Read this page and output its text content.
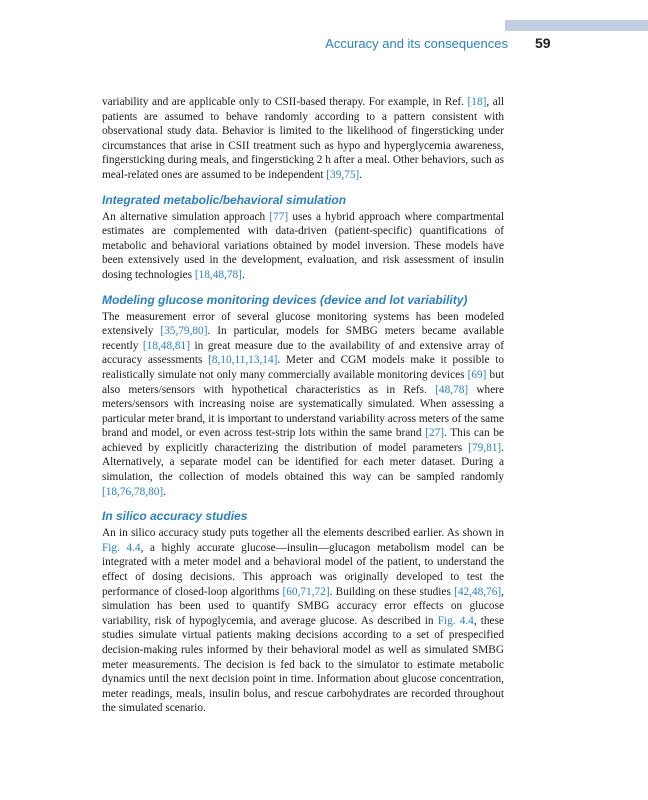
Accuracy and its consequences 59

variability and are applicable only to CSII-based therapy. For example, in Ref. [18], all patients are assumed to behave randomly according to a pattern consistent with observational study data. Behavior is limited to the likelihood of fingersticking under circumstances that arise in CSII treatment such as hypo and hyperglycemia awareness, fingersticking during meals, and fingersticking 2 h after a meal. Other behaviors, such as meal-related ones are assumed to be independent [39,75].

Integrated metabolic/behavioral simulation

An alternative simulation approach [77] uses a hybrid approach where compartmental estimates are complemented with data-driven (patient-specific) quantifications of metabolic and behavioral variations obtained by model inversion. These models have been extensively used in the development, evaluation, and risk assessment of insulin dosing technologies [18,48,78].

Modeling glucose monitoring devices (device and lot variability)

The measurement error of several glucose monitoring systems has been modeled extensively [35,79,80]. In particular, models for SMBG meters became available recently [18,48,81] in great measure due to the availability of and extensive array of accuracy assessments [8,10,11,13,14]. Meter and CGM models make it possible to realistically simulate not only many commercially available monitoring devices [69] but also meters/sensors with hypothetical characteristics as in Refs. [48,78] where meters/sensors with increasing noise are systematically simulated. When assessing a particular meter brand, it is important to understand variability across meters of the same brand and model, or even across test-strip lots within the same brand [27]. This can be achieved by explicitly characterizing the distribution of model parameters [79,81]. Alternatively, a separate model can be identified for each meter dataset. During a simulation, the collection of models obtained this way can be sampled randomly [18,76,78,80].

In silico accuracy studies

An in silico accuracy study puts together all the elements described earlier. As shown in Fig. 4.4, a highly accurate glucose—insulin—glucagon metabolism model can be integrated with a meter model and a behavioral model of the patient, to understand the effect of dosing decisions. This approach was originally developed to test the performance of closed-loop algorithms [60,71,72]. Building on these studies [42,48,76], simulation has been used to quantify SMBG accuracy error effects on glucose variability, risk of hypoglycemia, and average glucose. As described in Fig. 4.4, these studies simulate virtual patients making decisions according to a set of prespecified decision-making rules informed by their behavioral model as well as simulated SMBG meter measurements. The decision is fed back to the simulator to estimate metabolic dynamics until the next decision point in time. Information about glucose concentration, meter readings, meals, insulin bolus, and rescue carbohydrates are recorded throughout the simulated scenario.
